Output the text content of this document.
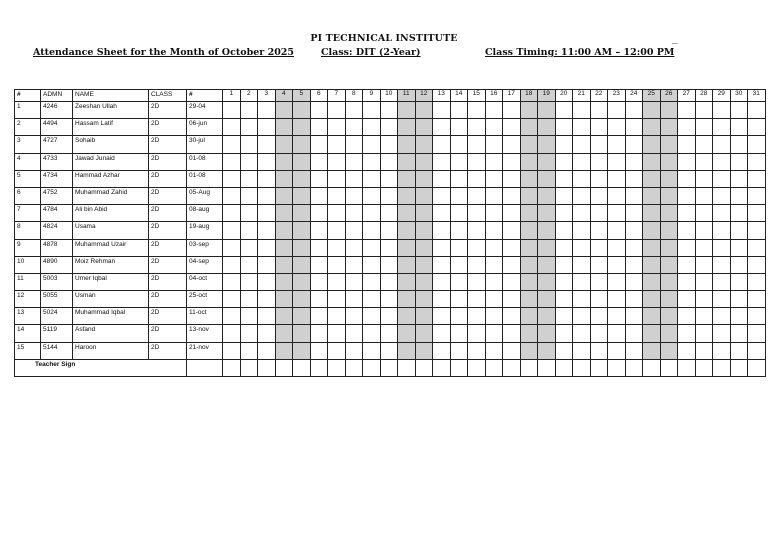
PI TECHNICAL INSTITUTE	_
Attendance Sheet for the Month of October 2025	Class: DIT (2-Year)	Class Timing: 11:00 AM – 12:00 PM
#	ADMN	NAME	CLASS	#	1	2	3	4	5	6	7	8	9	10	11	12	13	14	15	16	17	18	19	20	21	22	23	24	25	26	27	28	29	30	31
1	4246	Zeeshan Ullah	2D	29-04																															
2	4494	Hassam Latif	2D	06-jun																															
3	4727	Sohaib	2D	30-jul																															
4	4733	Jawad Junaid	2D	01-08																															
5	4734	Hammad Azhar	2D	01-08																															
6	4752	Muhammad Zahid	2D	05-Aug																															
7	4784	Ali bin Abid	2D	08-aug																															
8	4824	Usama	2D	19-aug																															
9	4878	Muhammad Uzair	2D	03-sep																															
10	4890	Moiz Rehman	2D	04-sep																															
11	5003	Umer Iqbal	2D	04-oct																															
12	5055	Usman	2D	25-oct																															
13	5024	Muhammad Iqbal	2D	11-oct																															
14	5119	Asfand	2D	13-nov																															
15	5144	Haroon	2D	21-nov																															
Teacher Sign																																			
